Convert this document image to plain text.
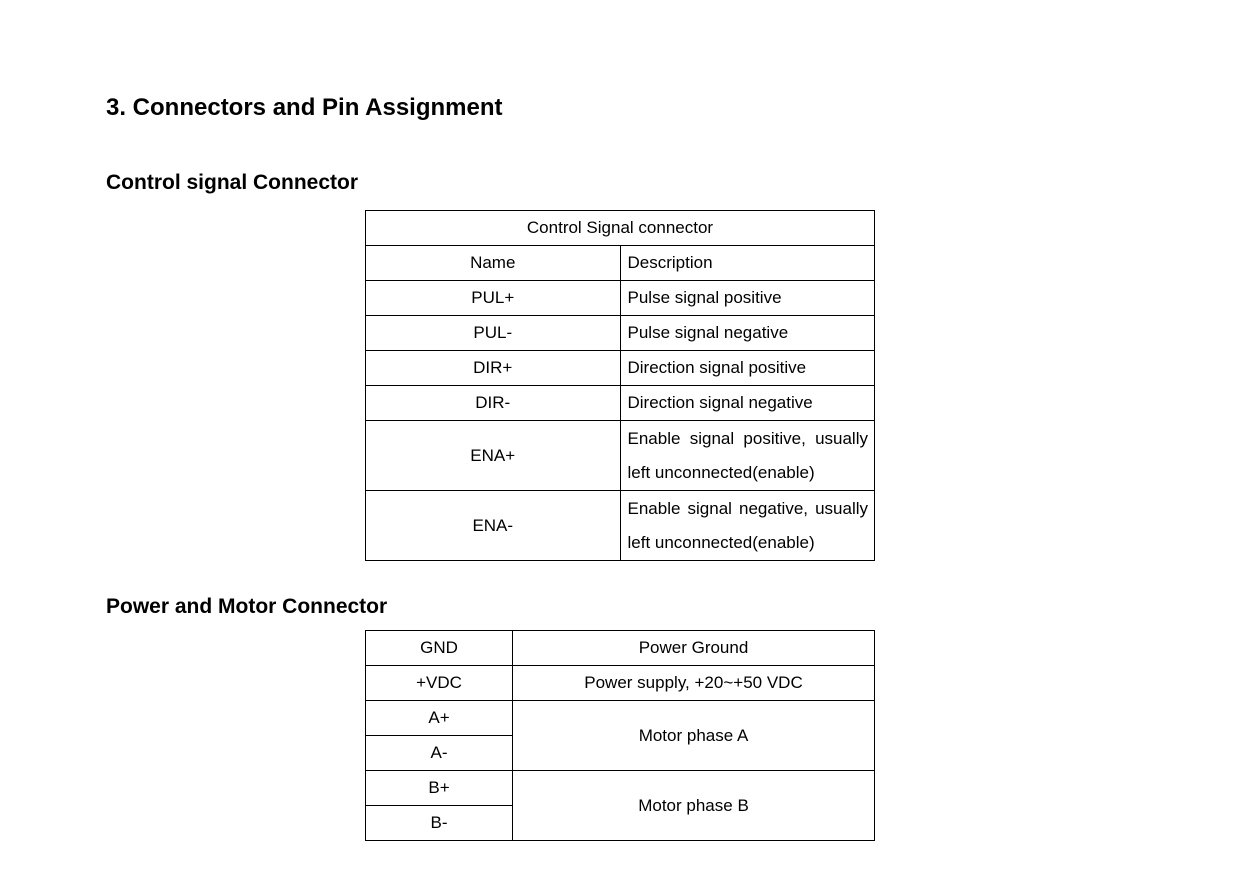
3. Connectors and Pin Assignment
Control signal Connector
Control Signal connector	
Name	Description
PUL+	Pulse signal positive
PUL-	Pulse signal negative
DIR+	Direction signal positive
DIR-	Direction signal negative
ENA+	Enable signal positive, usually left unconnected(enable)
ENA-	Enable signal negative, usually left unconnected(enable)
Power and Motor Connector
GND	Power Ground
+VDC	Power supply, +20~+50 VDC
A+	Motor phase A
A-	
B+	Motor phase B
B-	
